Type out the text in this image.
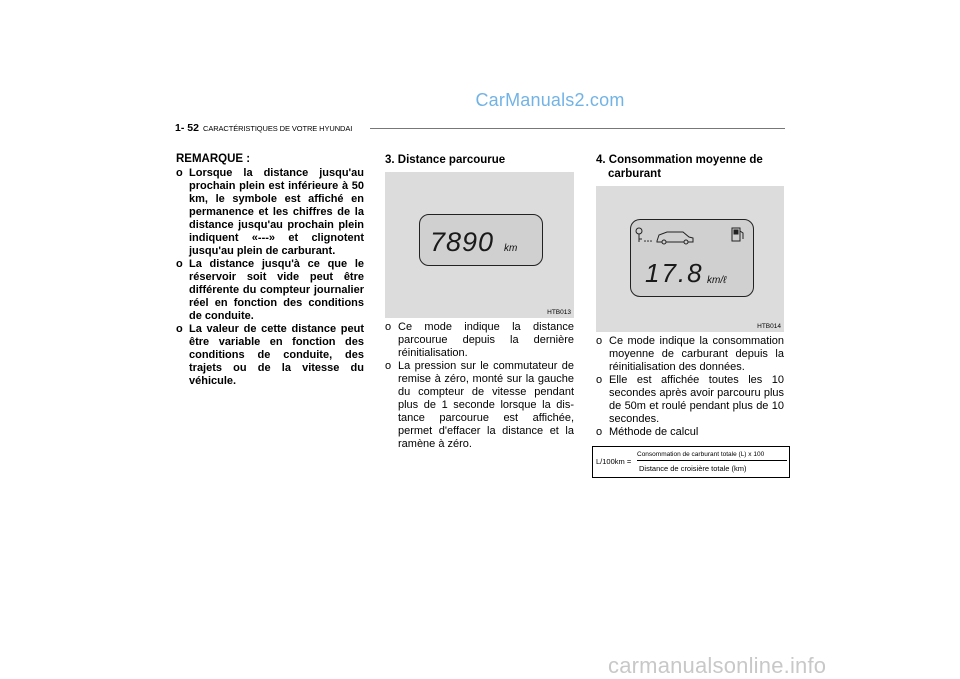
CarManuals2.com
1- 52 CARACTÉRISTIQUES DE VOTRE HYUNDAI
REMARQUE :

o Lorsque la distance jusqu'au prochain plein est inférieure à 50 km, le symbole est affiché en permanence et les chiffres de la distance jusqu'au prochain plein indiquent «---» et clignotent jusqu'au plein de carburant.

o La distance jusqu'à ce que le réservoir soit vide peut être différente du compteur journalier réel en fonction des conditions de conduite.

o La valeur de cette distance peut être variable en fonction des conditions de conduite, des trajets ou de la vitesse du véhicule.

3. Distance parcourue
7890 km
HTB013

o Ce mode indique la distance parcourue depuis la dernière réinitialisation.

o La pression sur le commutateur de remise à zéro, monté sur la gauche du compteur de vitesse pendant plus de 1 seconde lorsque la dis- tance parcourue est affichée, permet d'effacer la distance et la ramène à zéro.

4. Consommation moyenne de carburant
17.8 km/ℓ
HTB014

o Ce mode indique la consommation moyenne de carburant depuis la réinitialisation des données.

o Elle est affichée toutes les 10 secondes après avoir parcouru plus de 50m et roulé pendant plus de 10 secondes.

o Méthode de calcul

L/100km =
Consommation de carburant totale (L) x 100
Distance de croisière totale (km)
carmanualsonline.info
